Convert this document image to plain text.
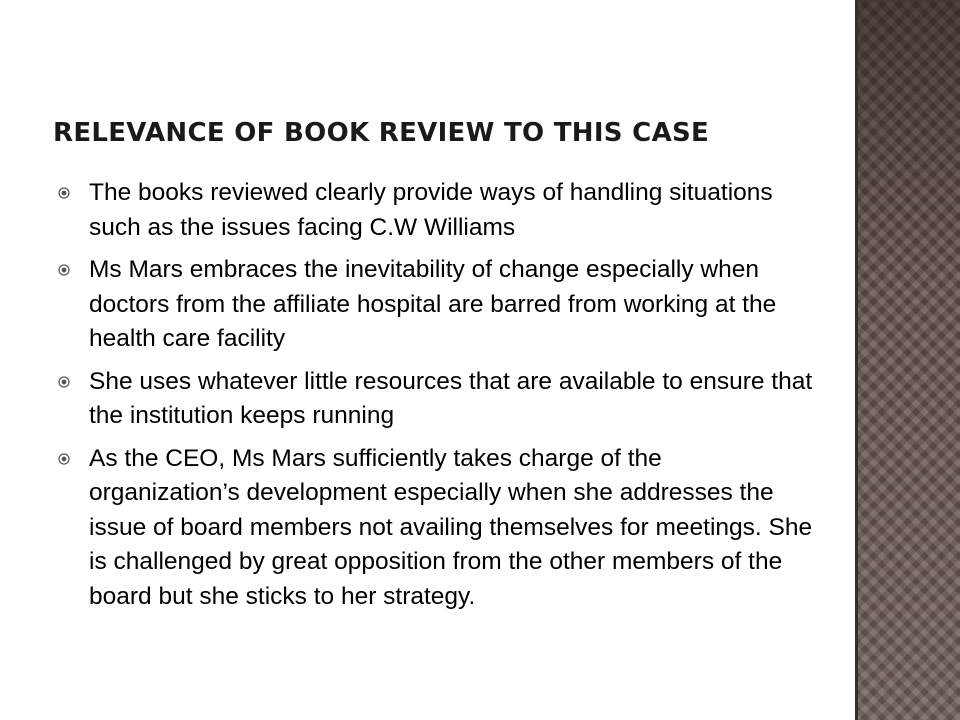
RELEVANCE OF BOOK REVIEW TO THIS CASE
The books reviewed clearly provide ways of handling situations such as the issues facing C.W Williams
Ms Mars embraces the inevitability of change especially when doctors from the affiliate hospital are barred from working at the health care facility
She uses whatever little resources that are available to ensure that the institution keeps running
As the CEO, Ms Mars sufficiently takes charge of the organization’s development especially when she addresses the issue of board members not availing themselves for meetings. She is challenged by great opposition from the other members of the board but she sticks to her strategy.
